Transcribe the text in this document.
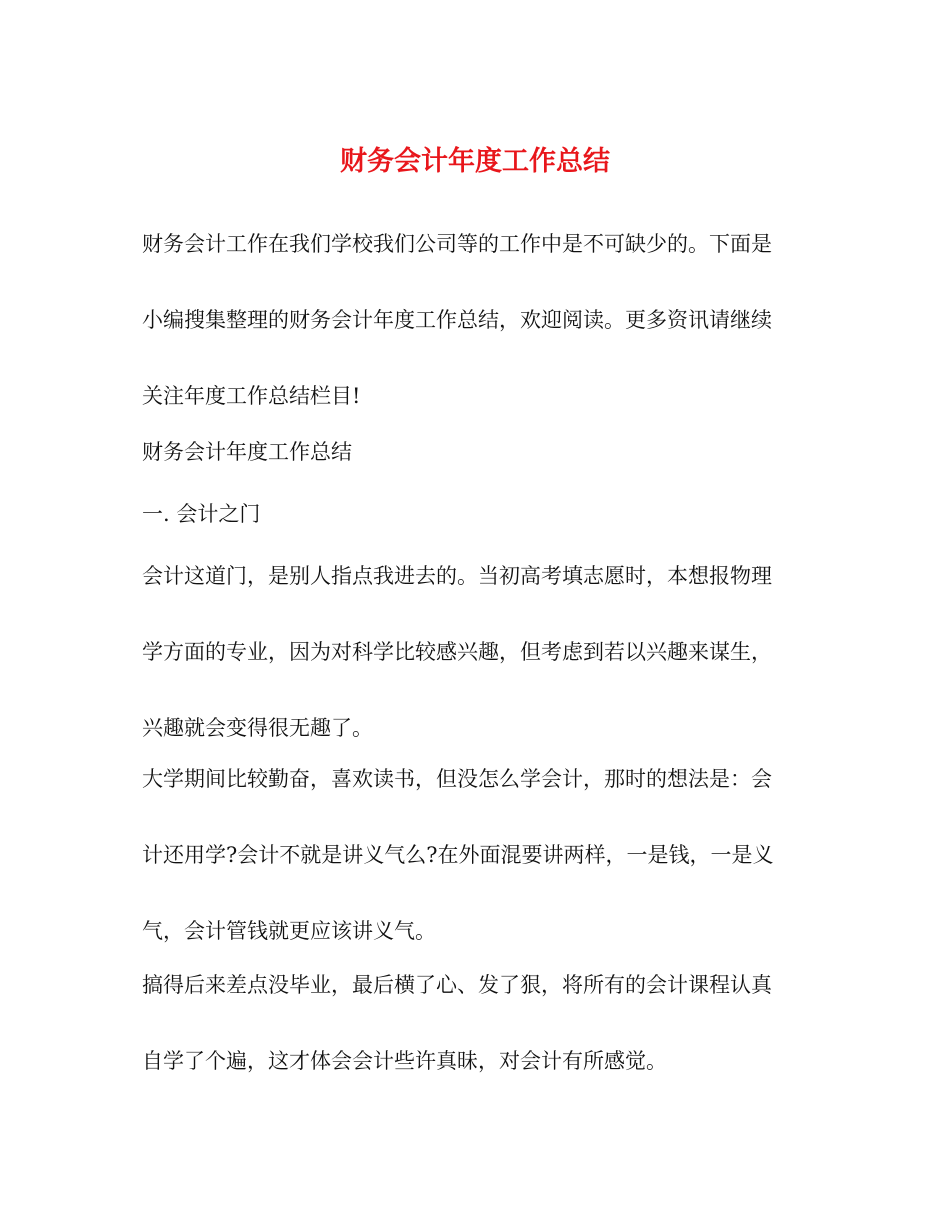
财务会计年度工作总结
财务会计工作在我们学校我们公司等的工作中是不可缺少的。下面是
小编搜集整理的财务会计年度工作总结，欢迎阅读。更多资讯请继续
关注年度工作总结栏目!

财务会计年度工作总结

一. 会计之门

会计这道门，是别人指点我进去的。当初高考填志愿时，本想报物理
学方面的专业，因为对科学比较感兴趣，但考虑到若以兴趣来谋生，
兴趣就会变得很无趣了。
大学期间比较勤奋，喜欢读书，但没怎么学会计，那时的想法是：会
计还用学?会计不就是讲义气么?在外面混要讲两样，一是钱，一是义
气，会计管钱就更应该讲义气。
搞得后来差点没毕业，最后横了心、发了狠，将所有的会计课程认真
自学了个遍，这才体会会计些许真昧，对会计有所感觉。
